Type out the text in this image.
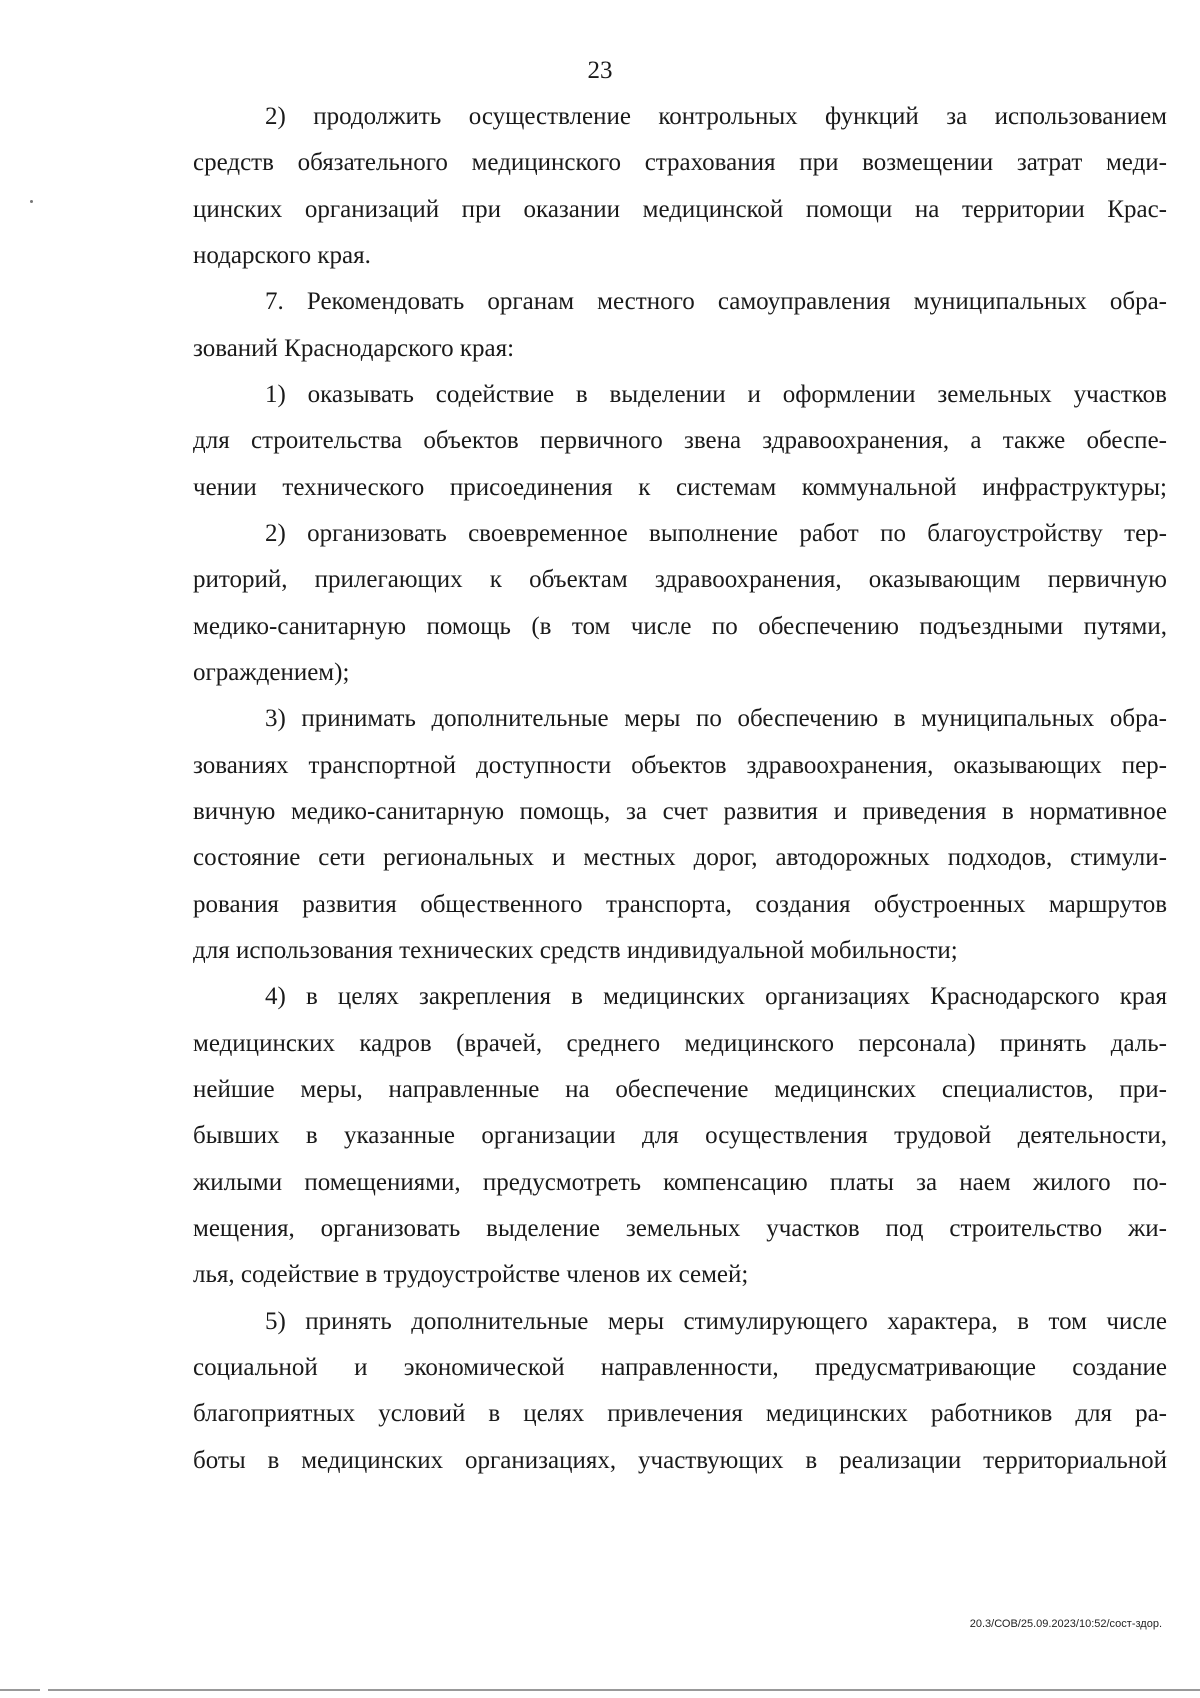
23
2) продолжить осуществление контрольных функций за использованием
средств обязательного медицинского страхования при возмещении затрат меди-
цинских организаций при оказании медицинской помощи на территории Крас-
нодарского края.
7. Рекомендовать органам местного самоуправления муниципальных обра-
зований Краснодарского края:
1) оказывать содействие в выделении и оформлении земельных участков
для строительства объектов первичного звена здравоохранения, а также обеспе-
чении технического присоединения к системам коммунальной инфраструктуры;
2) организовать своевременное выполнение работ по благоустройству тер-
риторий, прилегающих к объектам здравоохранения, оказывающим первичную
медико-санитарную помощь (в том числе по обеспечению подъездными путями,
ограждением);
3) принимать дополнительные меры по обеспечению в муниципальных обра-
зованиях транспортной доступности объектов здравоохранения, оказывающих пер-
вичную медико-санитарную помощь, за счет развития и приведения в нормативное
состояние сети региональных и местных дорог, автодорожных подходов, стимули-
рования развития общественного транспорта, создания обустроенных маршрутов
для использования технических средств индивидуальной мобильности;
4) в целях закрепления в медицинских организациях Краснодарского края
медицинских кадров (врачей, среднего медицинского персонала) принять даль-
нейшие меры, направленные на обеспечение медицинских специалистов, при-
бывших в указанные организации для осуществления трудовой деятельности,
жилыми помещениями, предусмотреть компенсацию платы за наем жилого по-
мещения, организовать выделение земельных участков под строительство жи-
лья, содействие в трудоустройстве членов их семей;
5) принять дополнительные меры стимулирующего характера, в том числе
социальной и экономической направленности, предусматривающие создание
благоприятных условий в целях привлечения медицинских работников для ра-
боты в медицинских организациях, участвующих в реализации территориальной
20.3/СОВ/25.09.2023/10:52/сост-здор.
